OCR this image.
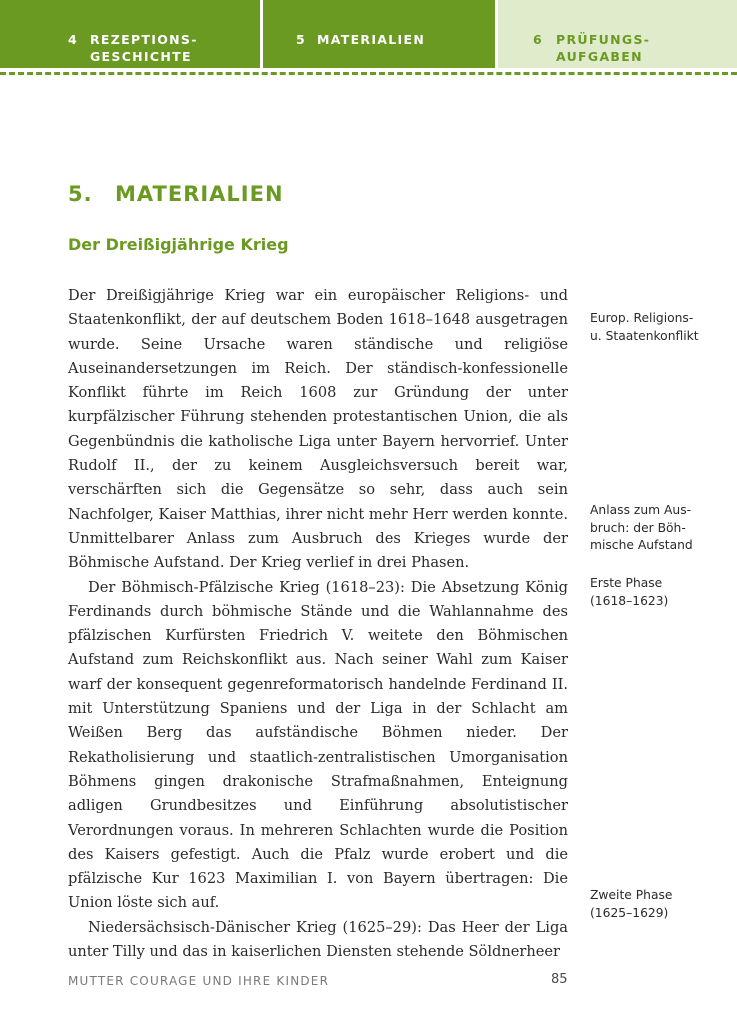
4 REZEPTIONS-
GESCHICHTE
5 MATERIALIEN	6 PRÜFUNGS-
AUFGABEN
5. MATERIALIEN
Der Dreißigjährige Krieg

Der Dreißigjährige Krieg war ein europäischer Religions- und Staatenkonflikt, der auf deutschem Boden 1618–1648 ausgetragen wurde. Seine Ursache waren ständische und religiöse Auseinandersetzungen im Reich. Der ständisch-konfessionelle Konflikt führte im Reich 1608 zur Gründung der unter kurpfälzischer Führung stehenden protestantischen Union, die als Gegenbündnis die katholische Liga unter Bayern hervorrief. Unter Rudolf II., der zu keinem Ausgleichsversuch bereit war, verschärften sich die Gegensätze so sehr, dass auch sein Nachfolger, Kaiser Matthias, ihrer nicht mehr Herr werden konnte. Unmittelbarer Anlass zum Ausbruch des Krieges wurde der Böhmische Aufstand. Der Krieg verlief in drei Phasen.

Der Böhmisch-Pfälzische Krieg (1618–23): Die Absetzung König Ferdinands durch böhmische Stände und die Wahlannahme des pfälzischen Kurfürsten Friedrich V. weitete den Böhmischen Aufstand zum Reichskonflikt aus. Nach seiner Wahl zum Kaiser warf der konsequent gegenreformatorisch handelnde Ferdinand II. mit Unterstützung Spaniens und der Liga in der Schlacht am Weißen Berg das aufständische Böhmen nieder. Der Rekatholisierung und staatlich-zentralistischen Umorganisation Böhmens gingen drakonische Strafmaßnahmen, Enteignung adligen Grundbesitzes und Einführung absolutistischer Verordnungen voraus. In mehreren Schlachten wurde die Position des Kaisers gefestigt. Auch die Pfalz wurde erobert und die pfälzische Kur 1623 Maximilian I. von Bayern übertragen: Die Union löste sich auf.

Niedersächsisch-Dänischer Krieg (1625–29): Das Heer der Liga unter Tilly und das in kaiserlichen Diensten stehende Söldnerheer

Europ. Religions-
u. Staatenkonflikt
Anlass zum Aus-
bruch: der Böh-
mische Aufstand
Erste Phase
(1618–1623)
Zweite Phase
(1625–1629)
MUTTER COURAGE UND IHRE KINDER	85
